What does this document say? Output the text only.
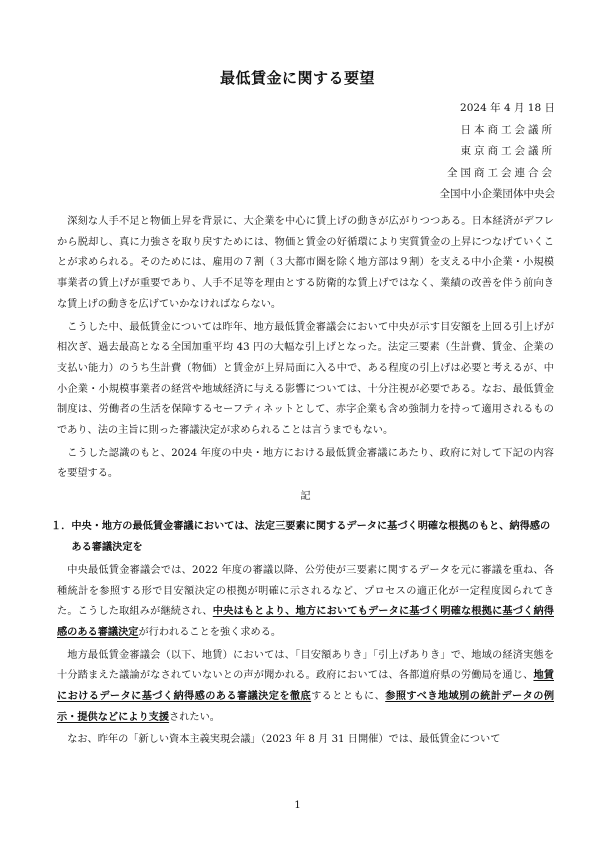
最低賃金に関する要望
2024 年 4 月 18 日
日本商工会議所
東京商工会議所
全国商工会連合会
全国中小企業団体中央会

深刻な人手不足と物価上昇を背景に、大企業を中心に賃上げの動きが広がりつつある。日本経済がデフレから脱却し、真に力強さを取り戻すためには、物価と賃金の好循環により実質賃金の上昇につなげていくことが求められる。そのためには、雇用の７割（３大都市圏を除く地方部は９割）を支える中小企業・小規模事業者の賃上げが重要であり、人手不足等を理由とする防衛的な賃上げではなく、業績の改善を伴う前向きな賃上げの動きを広げていかなければならない。

こうした中、最低賃金については昨年、地方最低賃金審議会において中央が示す目安額を上回る引上げが相次ぎ、過去最高となる全国加重平均 43 円の大幅な引上げとなった。法定三要素（生計費、賃金、企業の支払い能力）のうち生計費（物価）と賃金が上昇局面に入る中で、ある程度の引上げは必要と考えるが、中小企業・小規模事業者の経営や地域経済に与える影響については、十分注視が必要である。なお、最低賃金制度は、労働者の生活を保障するセーフティネットとして、赤字企業も含め強制力を持って適用されるものであり、法の主旨に則った審議決定が求められることは言うまでもない。

こうした認識のもと、2024 年度の中央・地方における最低賃金審議にあたり、政府に対して下記の内容を要望する。

記
１．中央・地方の最低賃金審議においては、法定三要素に関するデータに基づく明確な根拠のもと、納得感のある審議決定を

中央最低賃金審議会では、2022 年度の審議以降、公労使が三要素に関するデータを元に審議を重ね、各種統計を参照する形で目安額決定の根拠が明確に示されるなど、プロセスの適正化が一定程度図られてきた。こうした取組みが継続され、中央はもとより、地方においてもデータに基づく明確な根拠に基づく納得感のある審議決定が行われることを強く求める。

地方最低賃金審議会（以下、地賃）においては、「目安額ありき」「引上げありき」で、地域の経済実態を十分踏まえた議論がなされていないとの声が聞かれる。政府においては、各都道府県の労働局を通じ、地賃におけるデータに基づく納得感のある審議決定を徹底するとともに、参照すべき地域別の統計データの例示・提供などにより支援されたい。

なお、昨年の「新しい資本主義実現会議」（2023 年 8 月 31 日開催）では、最低賃金について

1
